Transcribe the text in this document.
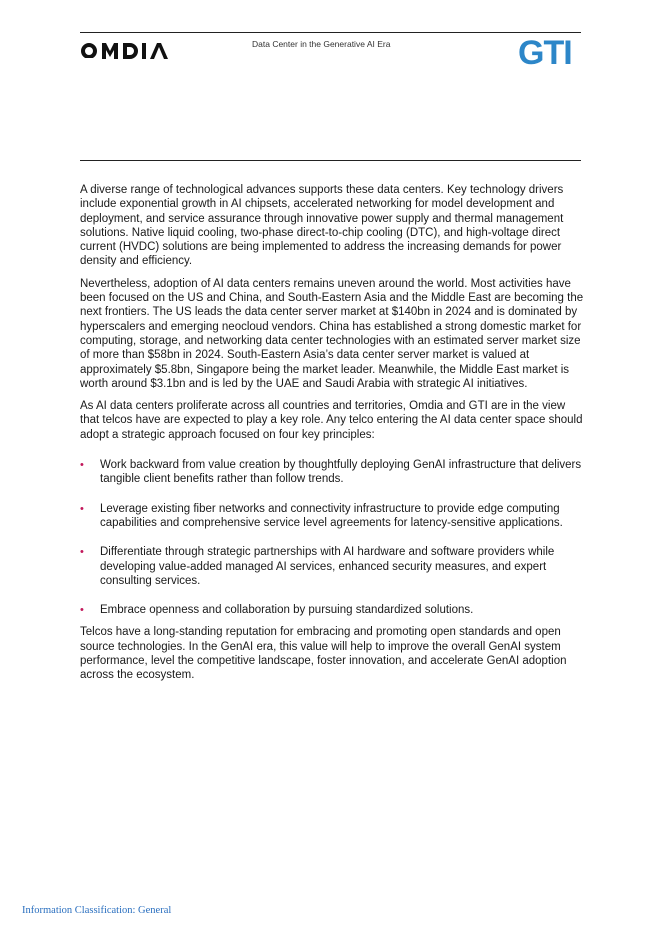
Data Center in the Generative AI Era	GTI

A diverse range of technological advances supports these data centers. Key technology drivers include exponential growth in AI chipsets, accelerated networking for model development and deployment, and service assurance through innovative power supply and thermal management solutions. Native liquid cooling, two-phase direct-to-chip cooling (DTC), and high-voltage direct current (HVDC) solutions are being implemented to address the increasing demands for power density and efficiency.

Nevertheless, adoption of AI data centers remains uneven around the world. Most activities have been focused on the US and China, and South-Eastern Asia and the Middle East are becoming the next frontiers. The US leads the data center server market at $140bn in 2024 and is dominated by hyperscalers and emerging neocloud vendors. China has established a strong domestic market for computing, storage, and networking data center technologies with an estimated server market size of more than $58bn in 2024. South-Eastern Asia’s data center server market is valued at approximately $5.8bn, Singapore being the market leader. Meanwhile, the Middle East market is worth around $3.1bn and is led by the UAE and Saudi Arabia with strategic AI initiatives.

As AI data centers proliferate across all countries and territories, Omdia and GTI are in the view that telcos have are expected to play a key role. Any telco entering the AI data center space should adopt a strategic approach focused on four key principles:

• Work backward from value creation by thoughtfully deploying GenAI infrastructure that delivers tangible client benefits rather than follow trends.
• Leverage existing fiber networks and connectivity infrastructure to provide edge computing capabilities and comprehensive service level agreements for latency-sensitive applications.
• Differentiate through strategic partnerships with AI hardware and software providers while developing value-added managed AI services, enhanced security measures, and expert consulting services.
• Embrace openness and collaboration by pursuing standardized solutions.

Telcos have a long-standing reputation for embracing and promoting open standards and open source technologies. In the GenAI era, this value will help to improve the overall GenAI system performance, level the competitive landscape, foster innovation, and accelerate GenAI adoption across the ecosystem.

Information Classification: General
